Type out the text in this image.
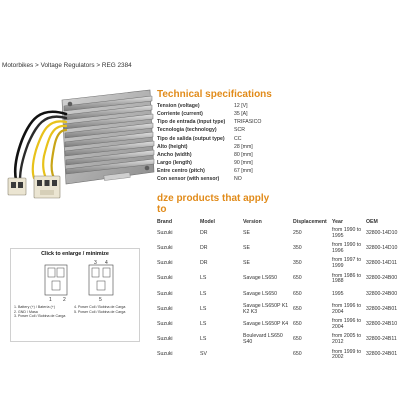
Motorbikes > Voltage Regulators > REG 2384
Technical specifications
Tension (voltage)	12 [V]
Corriente (current)	35 [A]
Tipo de entrada (input type)	TRIFASICO
Tecnologia (technology)	SCR
Tipo de salida (output type)	CC
Alto (height)	28 [mm]
Ancho (width)	80 [mm]
Largo (length)	90 [mm]
Entre centro (pitch)	67 [mm]
Con sensor (with sensor)	NO
dze products that apply to
Brand	Model	Version	Displacement	Year	OEM
Suzuki	DR	SE	250	from 1990 to 1995	32800-14D10
Suzuki	DR	SE	350	from 1990 to 1996	32800-14D10
Suzuki	DR	SE	350	from 1997 to 1999	32800-14D11
Suzuki	LS	Savage LS650	650	from 1986 to 1988	32800-24B00
Suzuki	LS	Savage LS650	650	1995	32800-24B00
Suzuki	LS	Savage LS650P K1 K2 K3	650	from 1996 to 2004	32800-24B01
Suzuki	LS	Savage LS650P K4	650	from 1996 to 2004	32800-24B10
Suzuki	LS	Boulevard LS650 S40	650	from 2005 to 2012	32800-24B11
Suzuki	SV		650	from 1999 to 2002	32800-24B01
Click to enlarge / minimize
1 2
3 4
5
1. Battery (+) / Batería (+)	4. Power Coil / Bobina de Carga
2. GND / Masa	5. Power Coil / Bobina de Carga
3. Power Coil / Bobina de Carga
